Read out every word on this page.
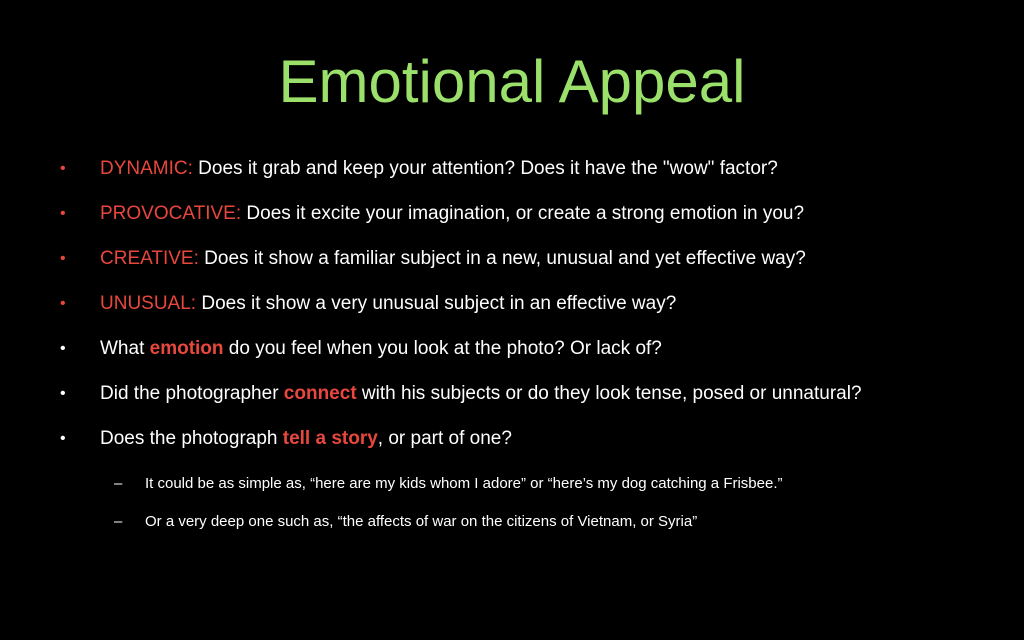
Emotional Appeal
• DYNAMIC: Does it grab and keep your attention? Does it have the "wow" factor?
• PROVOCATIVE: Does it excite your imagination, or create a strong emotion in you?
• CREATIVE: Does it show a familiar subject in a new, unusual and yet effective way?
• UNUSUAL: Does it show a very unusual subject in an effective way?
• What emotion do you feel when you look at the photo? Or lack of?
• Did the photographer connect with his subjects or do they look tense, posed or unnatural?
• Does the photograph tell a story, or part of one?
– It could be as simple as, “here are my kids whom I adore” or “here’s my dog catching a Frisbee.”
– Or a very deep one such as, “the affects of war on the citizens of Vietnam, or Syria”
